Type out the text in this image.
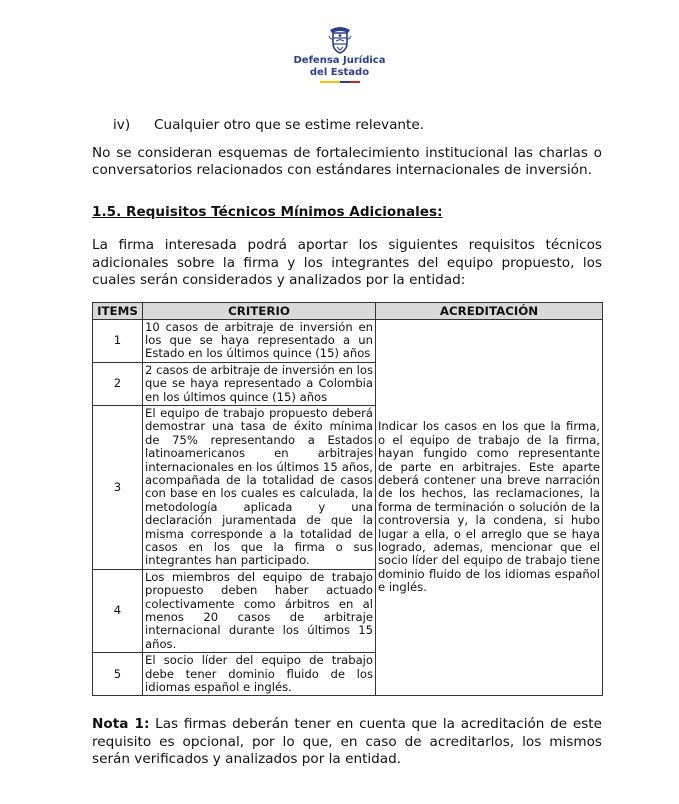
Defensa Jurídica
del Estado
iv) Cualquier otro que se estime relevante.

No se consideran esquemas de fortalecimiento institucional las charlas o conversatorios relacionados con estándares internacionales de inversión.

1.5. Requisitos Técnicos Mínimos Adicionales:

La firma interesada podrá aportar los siguientes requisitos técnicos adicionales sobre la firma y los integrantes del equipo propuesto, los cuales serán considerados y analizados por la entidad:

ITEMS	CRITERIO	ACREDITACIÓN
1	10 casos de arbitraje de inversión en los que se haya representado a un Estado en los últimos quince (15) años	Indicar los casos en los que la firma, o el equipo de trabajo de la firma, hayan fungido como representante de parte en arbitrajes. Este aparte deberá contener una breve narración de los hechos, las reclamaciones, la forma de terminación o solución de la controversia y, la condena, si hubo lugar a ella, o el arreglo que se haya logrado, ademas, mencionar que el socio líder del equipo de trabajo tiene dominio fluido de los idiomas español e inglés.
2	2 casos de arbitraje de inversión en los que se haya representado a Colombia en los últimos quince (15) años	
3	El equipo de trabajo propuesto deberá demostrar una tasa de éxito mínima de 75% representando a Estados latinoamericanos en arbitrajes internacionales en los últimos 15 años, acompañada de la totalidad de casos con base en los cuales es calculada, la metodología aplicada y una declaración juramentada de que la misma corresponde a la totalidad de casos en los que la firma o sus integrantes han participado.	
4	Los miembros del equipo de trabajo propuesto deben haber actuado colectivamente como árbitros en al menos 20 casos de arbitraje internacional durante los últimos 15 años.	
5	El socio líder del equipo de trabajo debe tener dominio fluido de los idiomas español e inglés.	

Nota 1: Las firmas deberán tener en cuenta que la acreditación de este requisito es opcional, por lo que, en caso de acreditarlos, los mismos serán verificados y analizados por la entidad.
